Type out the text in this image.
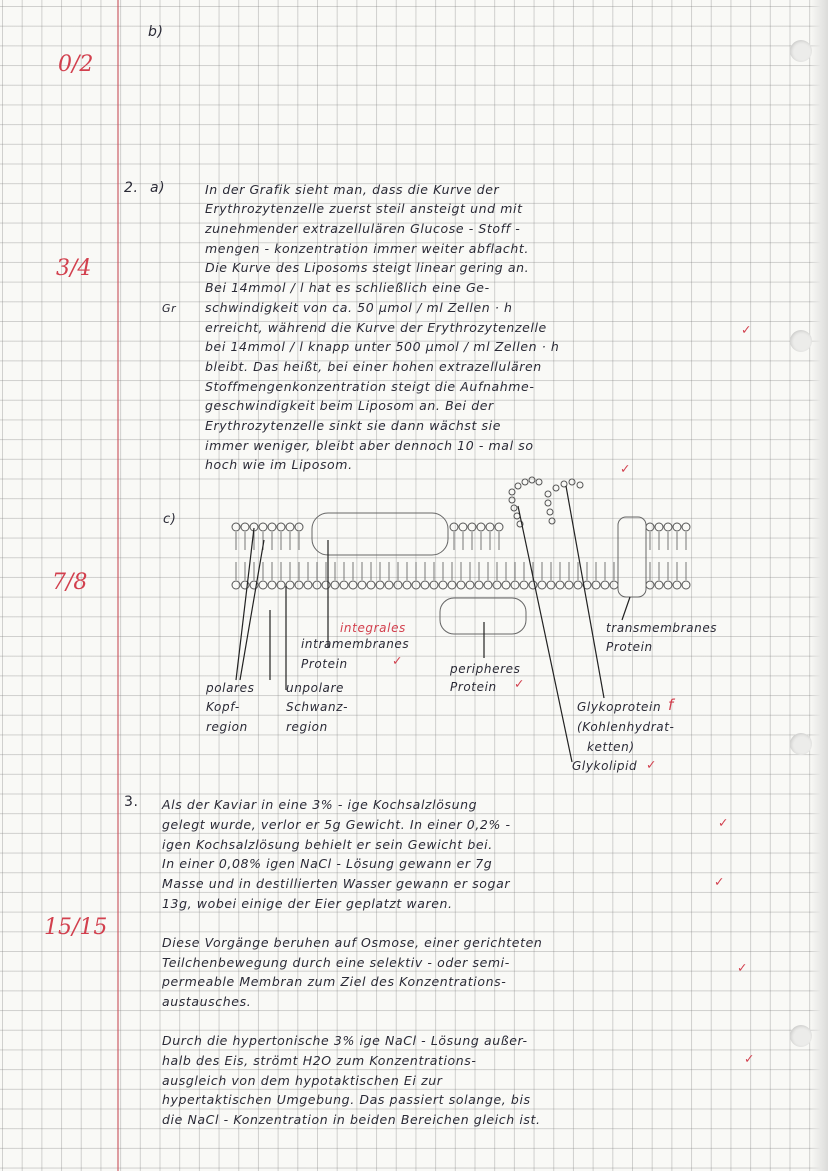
0/2
3/4
7/8
15/15
b)
2. a)
Gr
In der Grafik sieht man, dass die Kurve der
Erythrozytenzelle zuerst steil ansteigt und mit
zunehmender extrazellulären Glucose - Stoff -
mengen - konzentration immer weiter abflacht.
Die Kurve des Liposoms steigt linear gering an.
Bei 14mmol / l hat es schließlich eine Ge-
schwindigkeit von ca. 50 µmol / ml Zellen · h
erreicht, während die Kurve der Erythrozytenzelle
bei 14mmol / l knapp unter 500 µmol / ml Zellen · h
bleibt. Das heißt, bei einer hohen extrazellulären
Stoffmengenkonzentration steigt die Aufnahme-
geschwindigkeit beim Liposom an. Bei der
Erythrozytenzelle sinkt sie dann wächst sie
immer weniger, bleibt aber dennoch 10 - mal so
hoch wie im Liposom.
✓
✓
c)
integrales
intramembranes
Protein	✓
transmembranes
Protein
peripheres
Protein ✓
polares
Kopf-
region
unpolare
Schwanz-
region
Glykoprotein f
(Kohlenhydrat-
ketten)
Glykolipid ✓
3. Als der Kaviar in eine 3% - ige Kochsalzlösung
gelegt wurde, verlor er 5g Gewicht. In einer 0,2% -
igen Kochsalzlösung behielt er sein Gewicht bei.
In einer 0,08% igen NaCl - Lösung gewann er 7g
Masse und in destillierten Wasser gewann er sogar
13g, wobei einige der Eier geplatzt waren.
✓
✓
Diese Vorgänge beruhen auf Osmose, einer gerichteten
Teilchenbewegung durch eine selektiv - oder semi-
permeable Membran zum Ziel des Konzentrations-
austausches.
✓
Durch die hypertonische 3% ige NaCl - Lösung außer-
halb des Eis, strömt H2O zum Konzentrations-
ausgleich von dem hypotaktischen Ei zur
hypertaktischen Umgebung. Das passiert solange, bis
die NaCl - Konzentration in beiden Bereichen gleich ist.
✓
